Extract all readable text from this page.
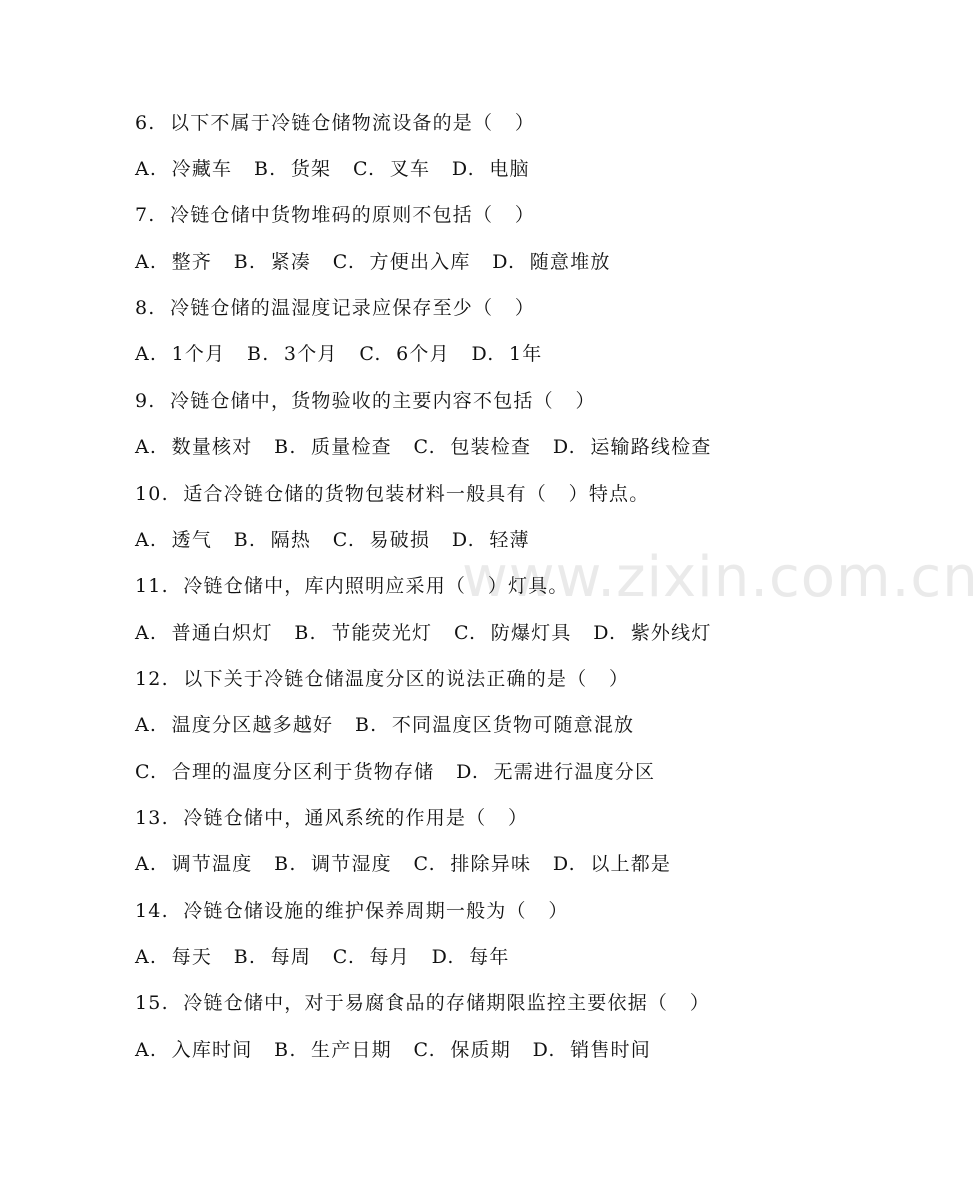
www.zixin.com.cn
6.  以下不属于冷链仓储物流设备的是（   ）
A.  冷藏车   B.  货架   C.  叉车   D.  电脑
7.  冷链仓储中货物堆码的原则不包括（   ）
A.  整齐   B.  紧凑   C.  方便出入库   D.  随意堆放
8.  冷链仓储的温湿度记录应保存至少（   ）
A.  1个月   B.  3个月   C.  6个月   D.  1年
9.  冷链仓储中，货物验收的主要内容不包括（   ）
A.  数量核对   B.  质量检查   C.  包装检查   D.  运输路线检查
10.  适合冷链仓储的货物包装材料一般具有（   ）特点。
A.  透气   B.  隔热   C.  易破损   D.  轻薄
11.  冷链仓储中，库内照明应采用（   ）灯具。
A.  普通白炽灯   B.  节能荧光灯   C.  防爆灯具   D.  紫外线灯
12.  以下关于冷链仓储温度分区的说法正确的是（   ）
A.  温度分区越多越好   B.  不同温度区货物可随意混放
C.  合理的温度分区利于货物存储   D.  无需进行温度分区
13.  冷链仓储中，通风系统的作用是（   ）
A.  调节温度   B.  调节湿度   C.  排除异味   D.  以上都是
14.  冷链仓储设施的维护保养周期一般为（   ）
A.  每天   B.  每周   C.  每月   D.  每年
15.  冷链仓储中，对于易腐食品的存储期限监控主要依据（   ）
A.  入库时间   B.  生产日期   C.  保质期   D.  销售时间
